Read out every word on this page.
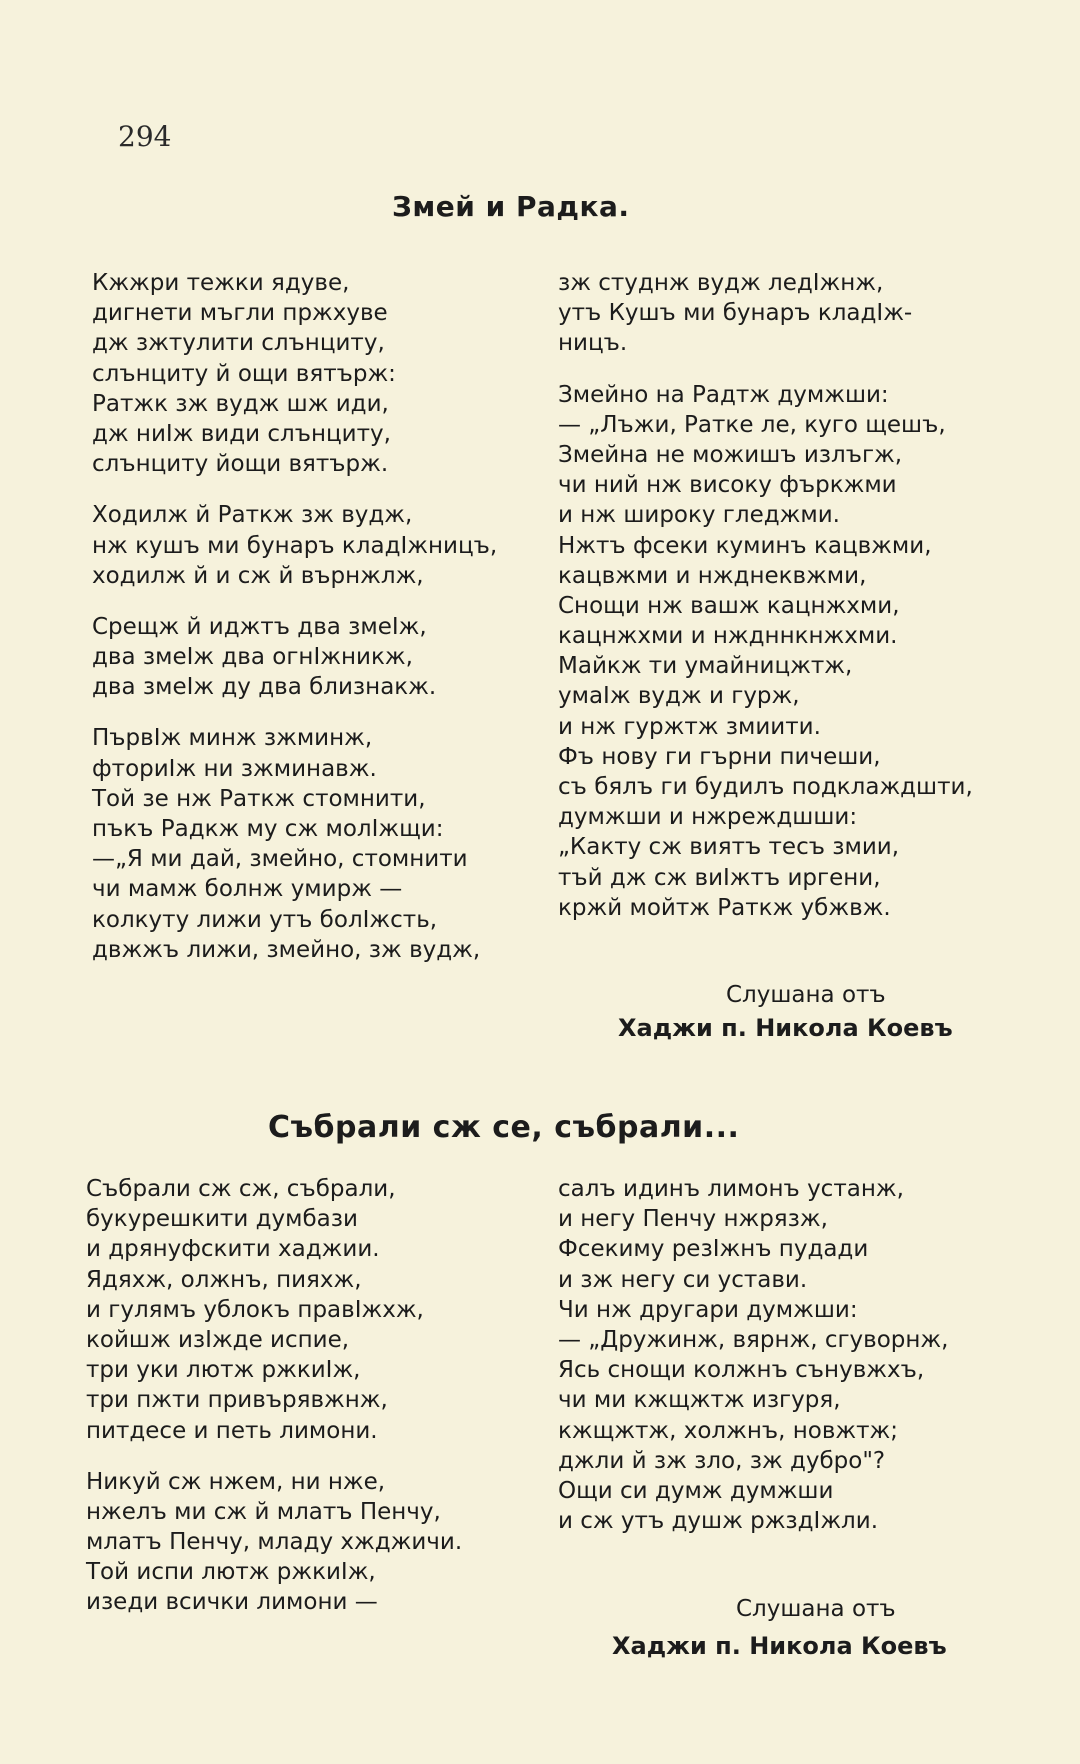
294
Змей и Радка.
Кжжри тежки ядуве,
дигнети мъгли пржхуве
дж зжтулити слънциту,
слънциту й ощи вятърж:
Ратжк зж вудж шж иди,
дж ниIж види слънциту,
слънциту йощи вятърж.
Ходилж й Раткж зж вудж,
нж кушъ ми бунаръ кладIжницъ,
ходилж й и сж й върнжлж,
Срещж й иджтъ два змеIж,
два змеIж два огнIжникж,
два змеIж ду два близнакж.
ПървIж минж зжминж,
фториIж ни зжминавж.
Той зе нж Раткж стомнити,
пъкъ Радкж му сж молIжщи:
—„Я ми дай, змейно, стомнити
чи мамж болнж умирж —
колкуту лижи утъ болIжсть,
двжжъ лижи, змейно, зж вудж,
зж студнж вудж ледIжнж,
утъ Кушъ ми бунаръ кладIж-
ницъ.
Змейно на Радтж думжши:
— „Лъжи, Ратке ле, куго щешъ,
Змейна не можишъ излъгж,
чи ний нж високу фъркжми
и нж широку гледжми.
Нжтъ фсеки куминъ кацвжми,
кацвжми и нжднеквжми,
Снощи нж вашж кацнжхми,
кацнжхми и нждннкнжхми.
Майкж ти умайницжтж,
умаIж вудж и гурж,
и нж гуржтж змиити.
Фъ нову ги гърни пичеши,
съ бялъ ги будилъ подклаждшти,
думжши и нжреждшши:
„Какту сж виятъ тесъ змии,
тъй дж сж виIжтъ иргени,
кржй мойтж Раткж убжвж.
Слушана отъ
Хаджи п. Никола Коевъ
Събрали сж се, събрали...
Събрали сж сж, събрали,
букурешкити думбази
и дрянуфскити хаджии.
Ядяхж, олжнъ, пияхж,
и гулямъ ублокъ правIжхж,
койшж изIжде испие,
три уки лютж ржкиIж,
три пжти привърявжнж,
питдесе и петь лимони.
Никуй сж нжем, ни нже,
нжелъ ми сж й млатъ Пенчу,
млатъ Пенчу, младу хжджичи.
Той испи лютж ржкиIж,
изеди всички лимони —
салъ идинъ лимонъ устанж,
и негу Пенчу нжрязж,
Фсекиму резIжнъ пудади
и зж негу си устави.
Чи нж другари думжши:
— „Дружинж, вярнж, сгуворнж,
Ясь снощи колжнъ сънувжхъ,
чи ми кжщжтж изгуря,
кжщжтж, холжнъ, новжтж;
джли й зж зло, зж дубро"?
Ощи си думж думжши
и сж утъ душж ржздIжли.
Слушана отъ
Хаджи п. Никола Коевъ
